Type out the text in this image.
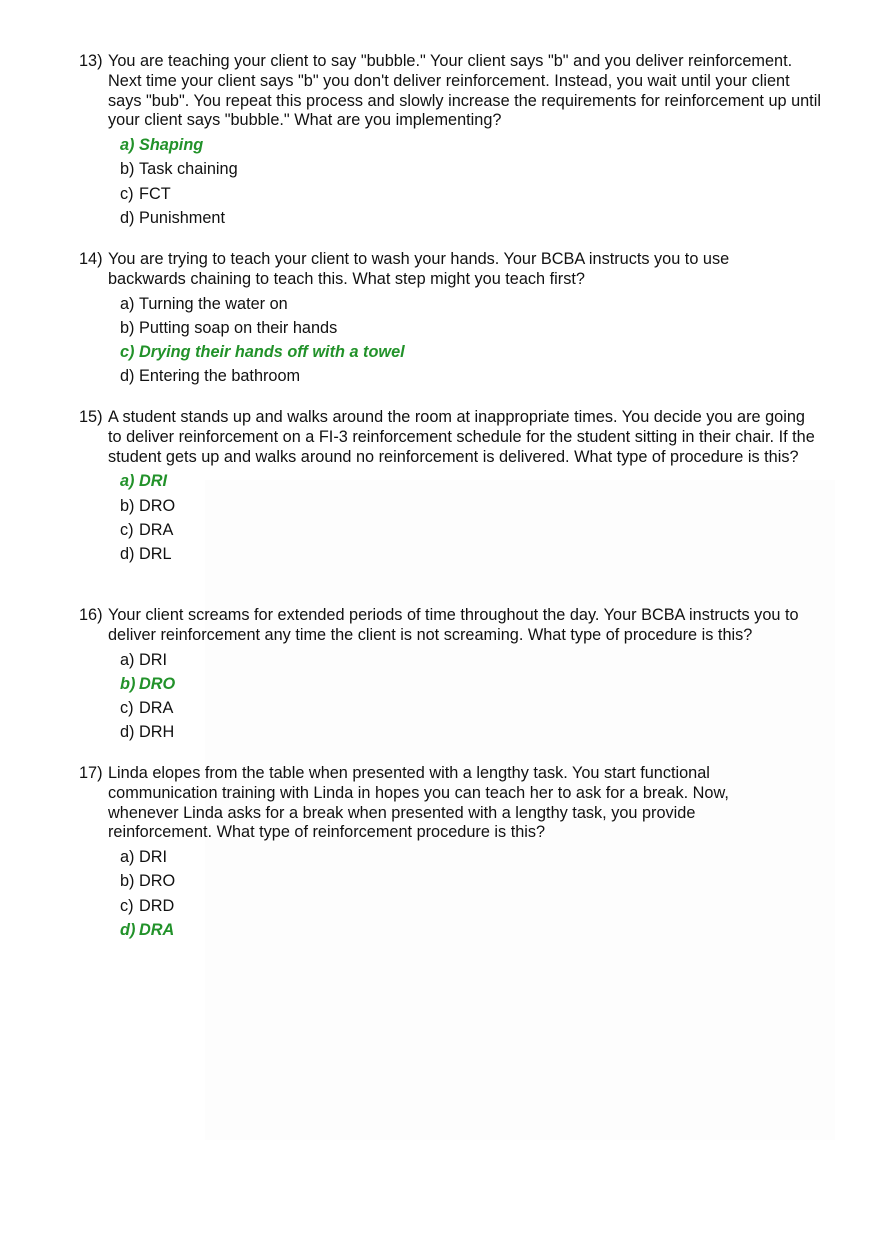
13) You are teaching your client to say "bubble." Your client says "b" and you deliver reinforcement. Next time your client says "b" you don't deliver reinforcement. Instead, you wait until your client says "bub". You repeat this process and slowly increase the requirements for reinforcement up until your client says "bubble." What are you implementing?
a) Shaping
b) Task chaining
c) FCT
d) Punishment
14) You are trying to teach your client to wash your hands. Your BCBA instructs you to use backwards chaining to teach this. What step might you teach first?
a) Turning the water on
b) Putting soap on their hands
c) Drying their hands off with a towel
d) Entering the bathroom
15) A student stands up and walks around the room at inappropriate times. You decide you are going to deliver reinforcement on a FI-3 reinforcement schedule for the student sitting in their chair. If the student gets up and walks around no reinforcement is delivered. What type of procedure is this?
a) DRI
b) DRO
c) DRA
d) DRL
16) Your client screams for extended periods of time throughout the day. Your BCBA instructs you to deliver reinforcement any time the client is not screaming. What type of procedure is this?
a) DRI
b) DRO
c) DRA
d) DRH
17) Linda elopes from the table when presented with a lengthy task. You start functional communication training with Linda in hopes you can teach her to ask for a break. Now, whenever Linda asks for a break when presented with a lengthy task, you provide reinforcement. What type of reinforcement procedure is this?
a) DRI
b) DRO
c) DRD
d) DRA
